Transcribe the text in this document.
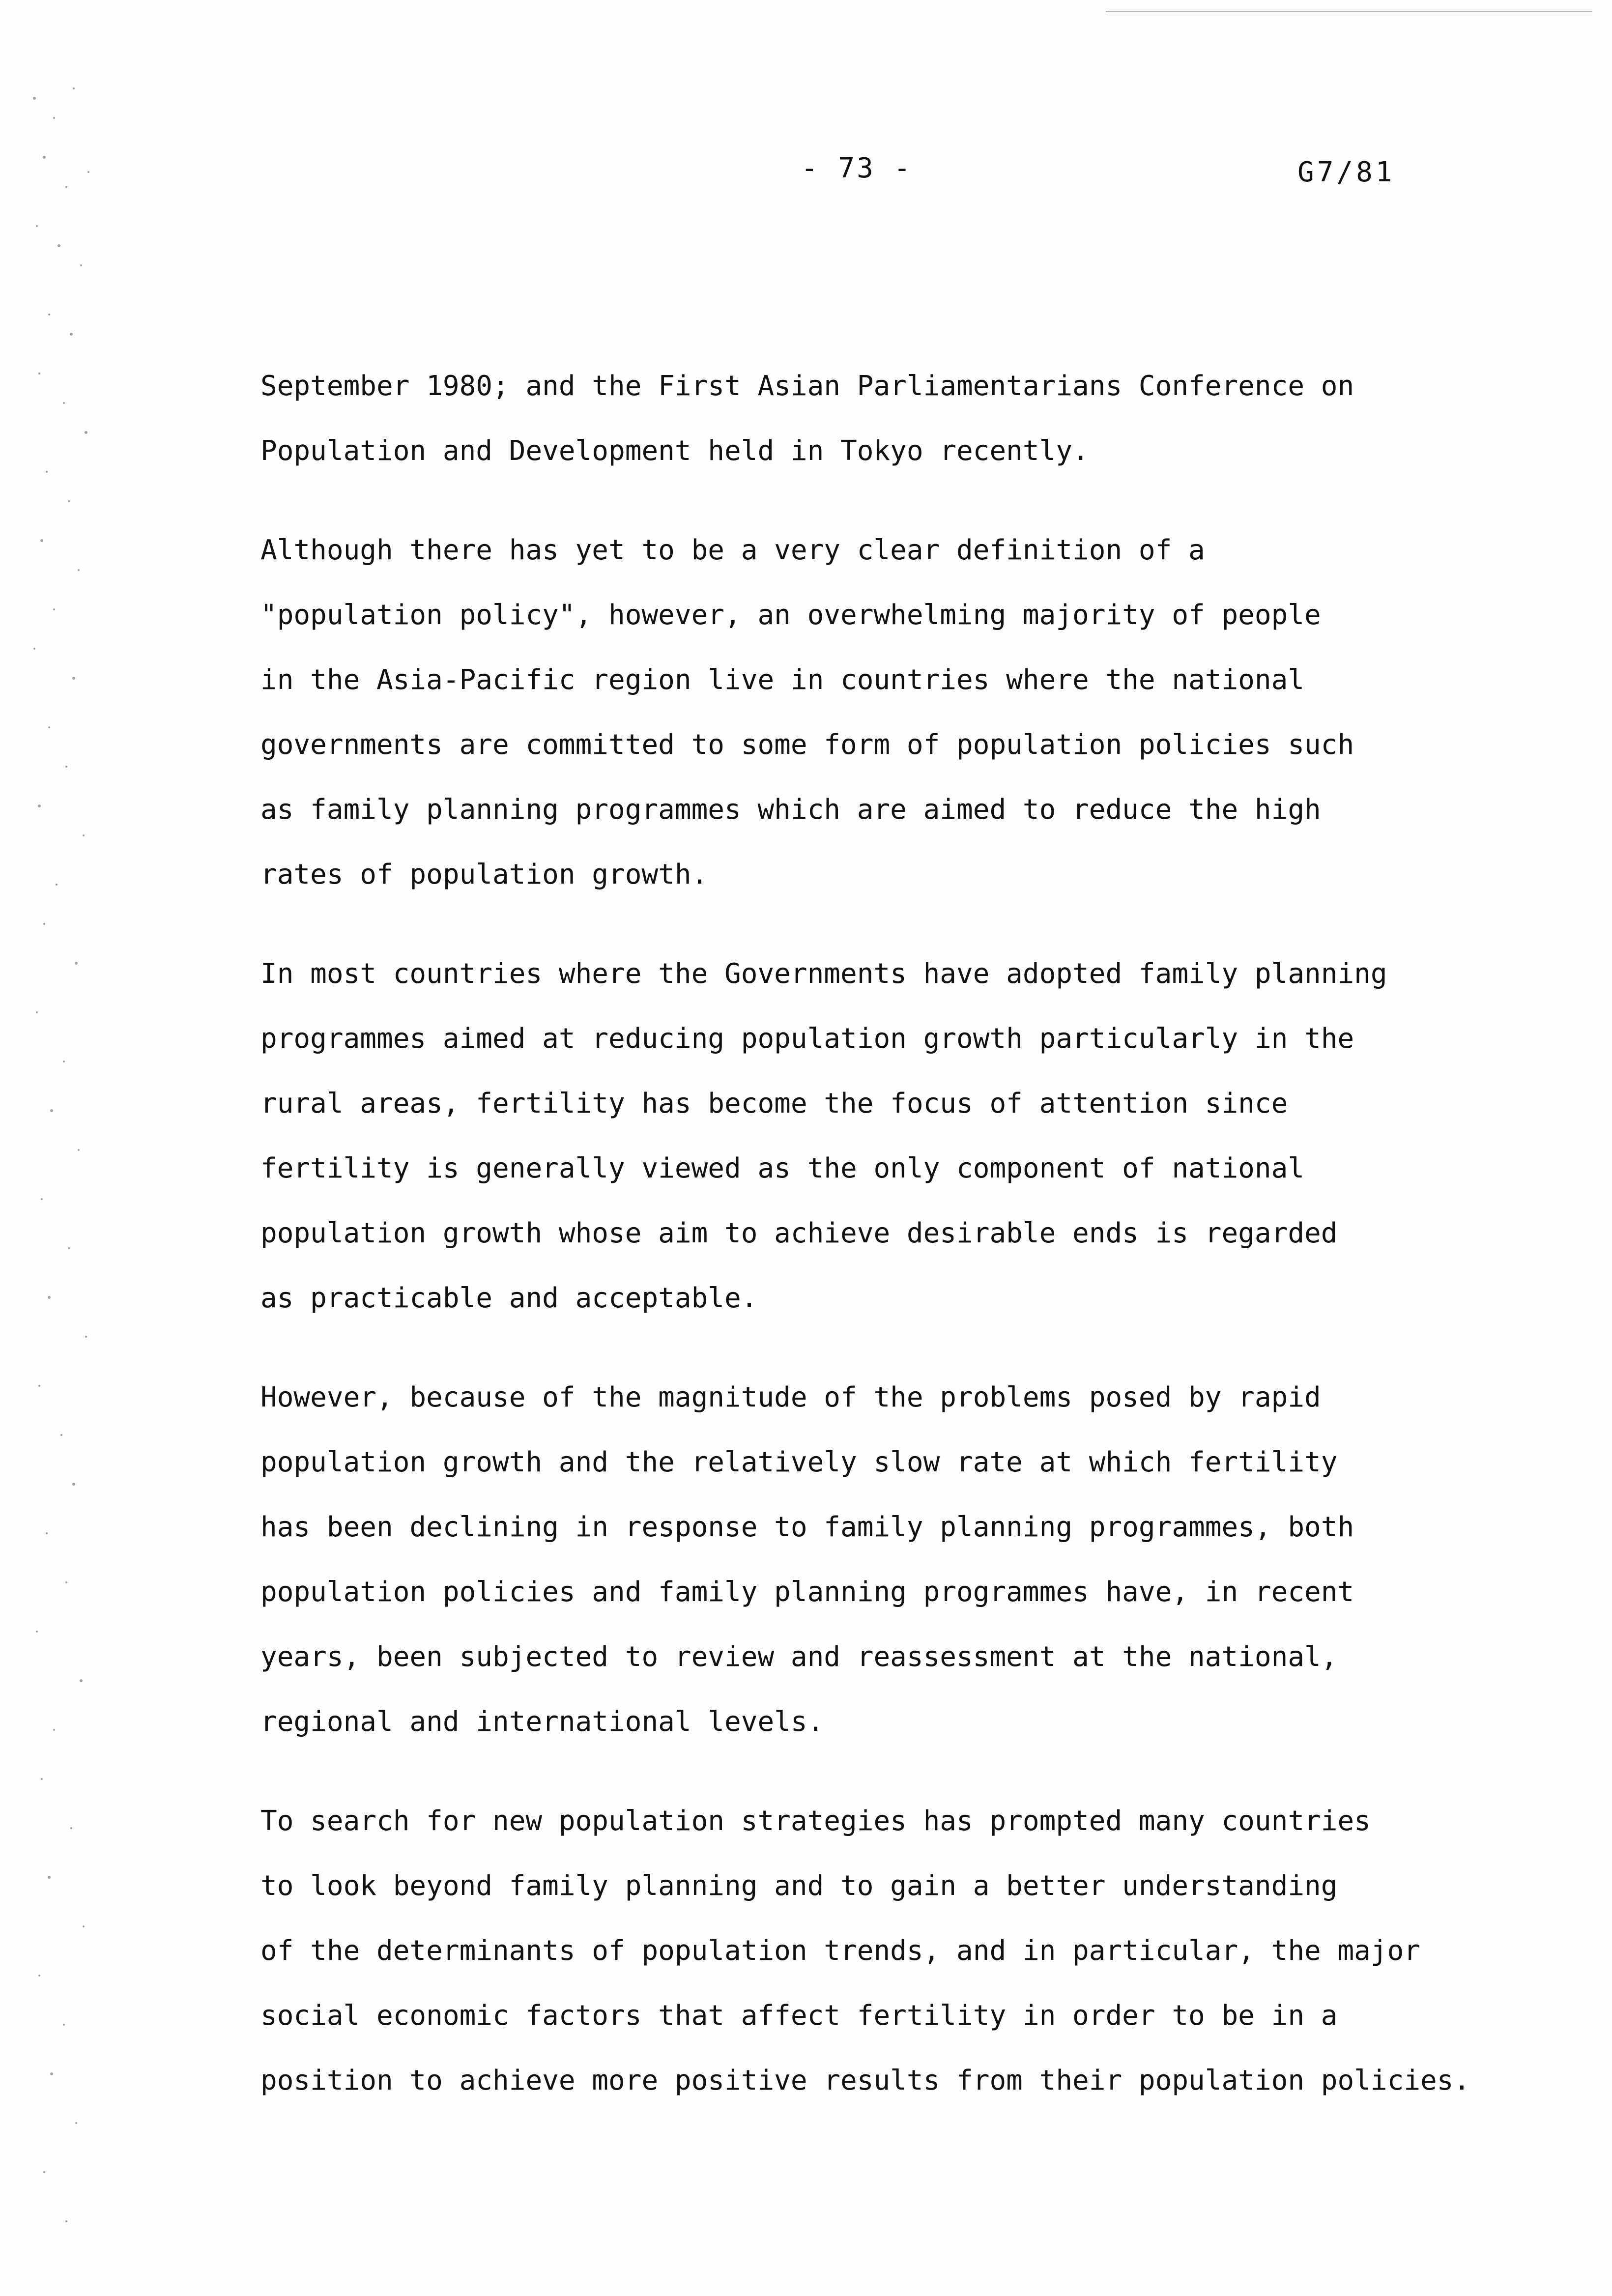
- 73 -	G7/81

September 1980; and the First Asian Parliamentarians Conference on
Population and Development held in Tokyo recently.

Although there has yet to be a very clear definition of a
"population policy", however, an overwhelming majority of people
in the Asia-Pacific region live in countries where the national
governments are committed to some form of population policies such
as family planning programmes which are aimed to reduce the high
rates of population growth.

In most countries where the Governments have adopted family planning
programmes aimed at reducing population growth particularly in the
rural areas, fertility has become the focus of attention since
fertility is generally viewed as the only component of national
population growth whose aim to achieve desirable ends is regarded
as practicable and acceptable.

However, because of the magnitude of the problems posed by rapid
population growth and the relatively slow rate at which fertility
has been declining in response to family planning programmes, both
population policies and family planning programmes have, in recent
years, been subjected to review and reassessment at the national,
regional and international levels.

To search for new population strategies has prompted many countries
to look beyond family planning and to gain a better understanding
of the determinants of population trends, and in particular, the major
social economic factors that affect fertility in order to be in a
position to achieve more positive results from their population policies.
